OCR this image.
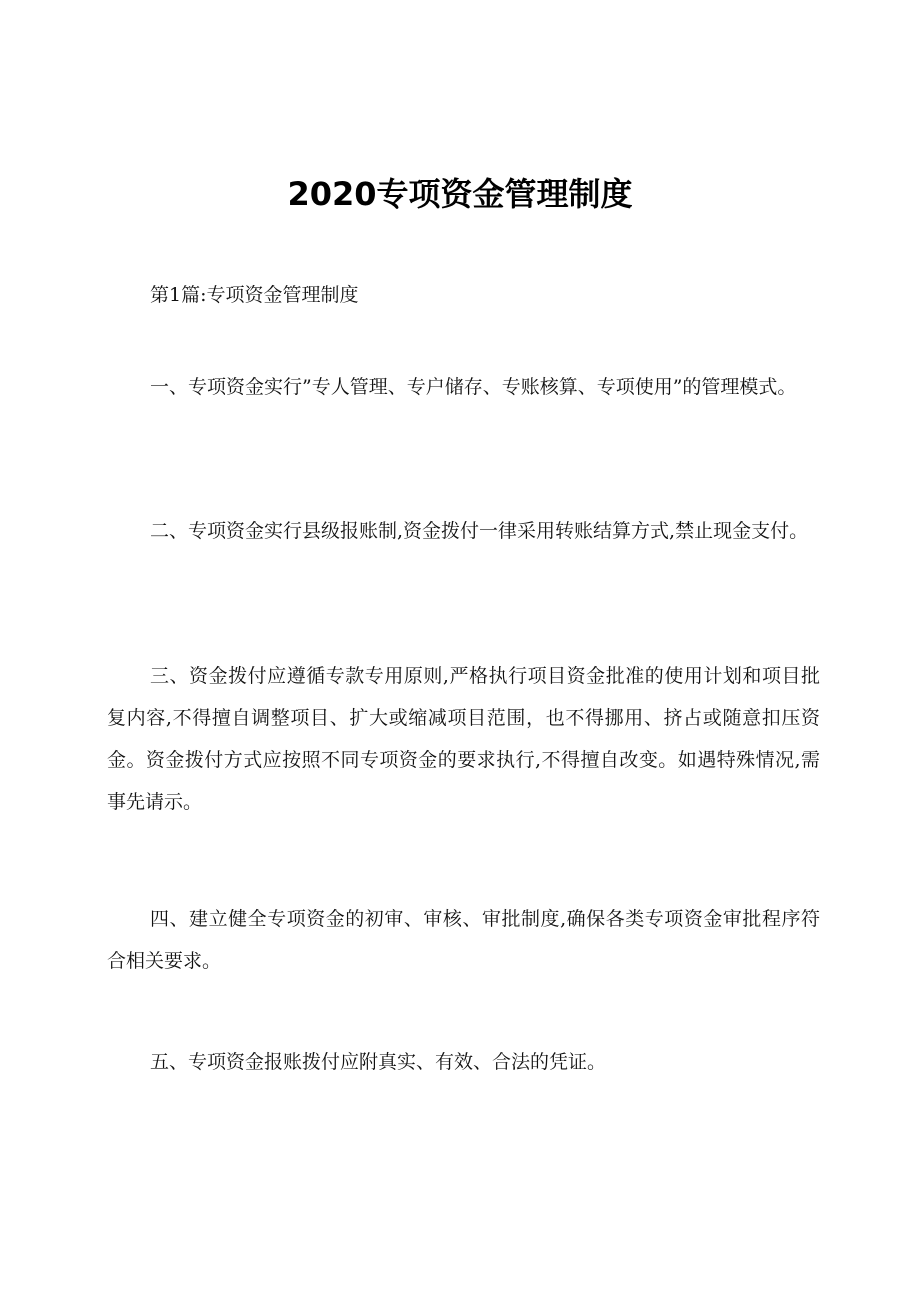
2020专项资金管理制度
第1篇:专项资金管理制度

一、专项资金实行”专人管理、专户储存、专账核算、专项使用”的管理模式。

二、专项资金实行县级报账制,资金拨付一律采用转账结算方式,禁止现金支付。

三、资金拨付应遵循专款专用原则,严格执行项目资金批准的使用计划和项目批复内容,不得擅自调整项目、扩大或缩减项目范围，也不得挪用、挤占或随意扣压资金。资金拨付方式应按照不同专项资金的要求执行,不得擅自改变。如遇特殊情况,需事先请示。

四、建立健全专项资金的初审、审核、审批制度,确保各类专项资金审批程序符合相关要求。

五、专项资金报账拨付应附真实、有效、合法的凭证。
